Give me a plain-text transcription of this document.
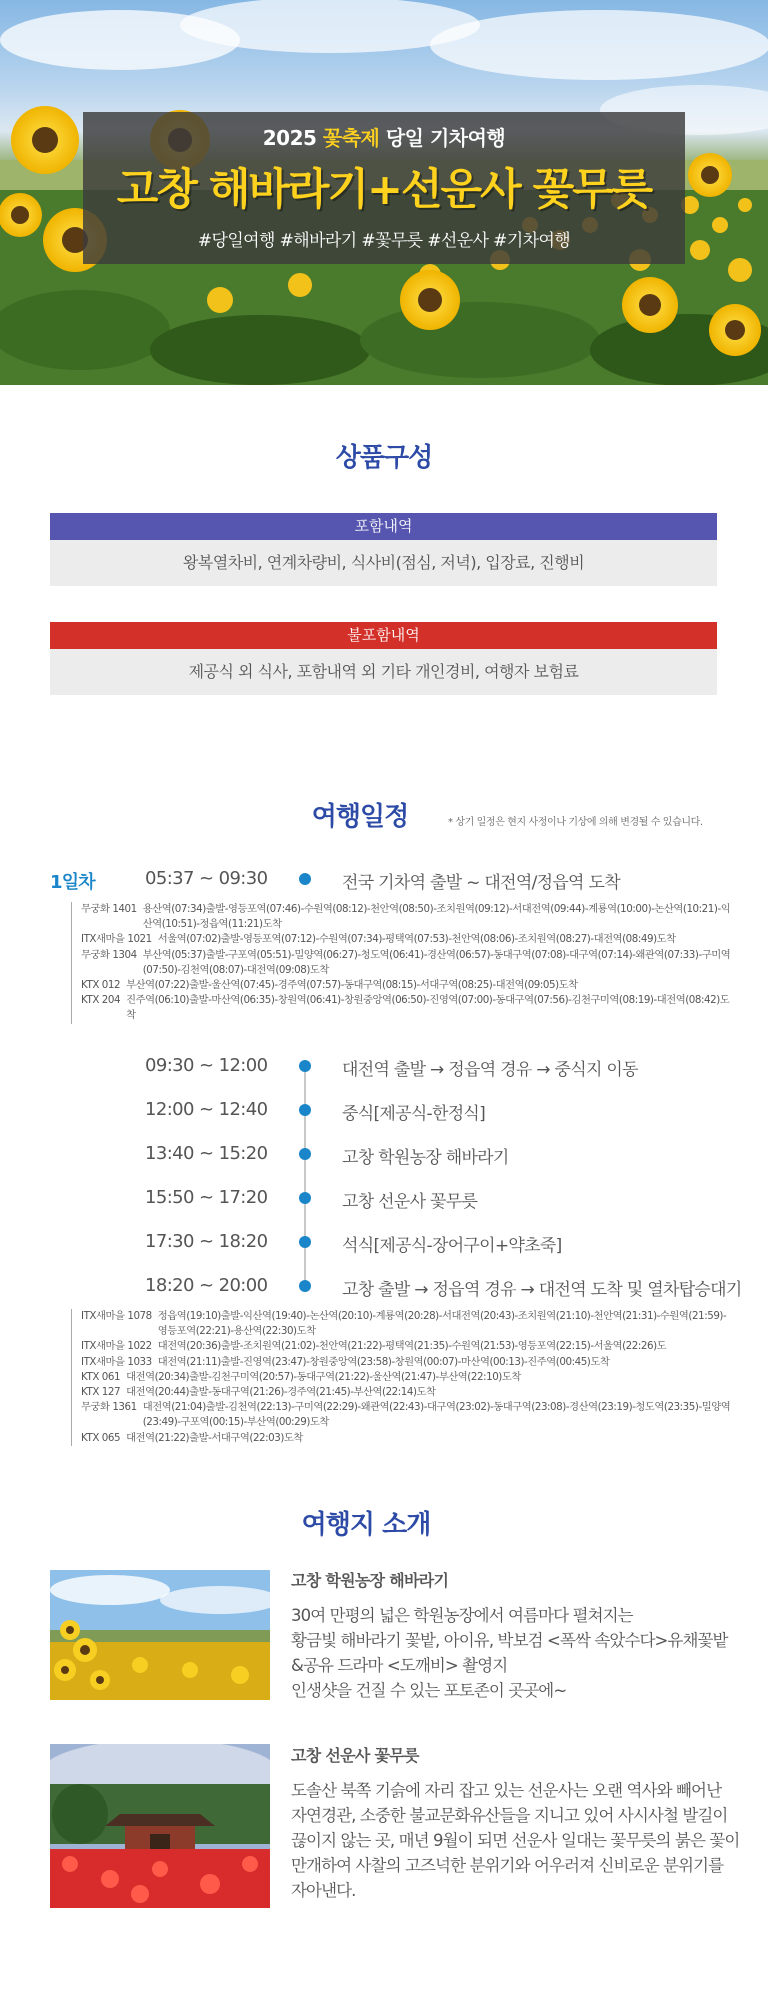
2025 꽃축제 당일 기차여행
고창 해바라기+선운사 꽃무릇
#당일여행 #해바라기 #꽃무릇 #선운사 #기차여행
상품구성
포함내역
왕복열차비, 연계차량비, 식사비(점심, 저녁), 입장료, 진행비
불포함내역
제공식 외 식사, 포함내역 외 기타 개인경비, 여행자 보험료
여행일정	* 상기 일정은 현지 사정이나 기상에 의해 변경될 수 있습니다.
1일차	05:37 ~ 09:30	전국 기차역 출발 ~ 대전역/정읍역 도착
무궁화 1401 용산역(07:34)출발-영등포역(07:46)-수원역(08:12)-천안역(08:50)-조치원역(09:12)-서대전역(09:44)-계룡역(10:00)-논산역(10:21)-익산역(10:51)-정읍역(11:21)도착
ITX새마을 1021 서울역(07:02)출발-영등포역(07:12)-수원역(07:34)-평택역(07:53)-천안역(08:06)-조치원역(08:27)-대전역(08:49)도착
무궁화 1304 부산역(05:37)출발-구포역(05:51)-밀양역(06:27)-청도역(06:41)-경산역(06:57)-동대구역(07:08)-대구역(07:14)-왜관역(07:33)-구미역(07:50)-김천역(08:07)-대전역(09:08)도착
KTX 012 부산역(07:22)출발-울산역(07:45)-경주역(07:57)-동대구역(08:15)-서대구역(08:25)-대전역(09:05)도착
KTX 204 진주역(06:10)출발-마산역(06:35)-창원역(06:41)-창원중앙역(06:50)-진영역(07:00)-동대구역(07:56)-김천구미역(08:19)-대전역(08:42)도착
09:30 ~ 12:00	대전역 출발 → 정읍역 경유 → 중식지 이동
12:00 ~ 12:40	중식[제공식-한정식]
13:40 ~ 15:20	고창 학원농장 해바라기
15:50 ~ 17:20	고창 선운사 꽃무릇
17:30 ~ 18:20	석식[제공식-장어구이+약초죽]
18:20 ~ 20:00	고창 출발 → 정읍역 경유 → 대전역 도착 및 열차탑승대기
ITX새마을 1078 정읍역(19:10)출발-익산역(19:40)-논산역(20:10)-계룡역(20:28)-서대전역(20:43)-조치원역(21:10)-천안역(21:31)-수원역(21:59)-영등포역(22:21)-용산역(22:30)도착
ITX새마을 1022 대전역(20:36)출발-조치원역(21:02)-천안역(21:22)-평택역(21:35)-수원역(21:53)-영등포역(22:15)-서울역(22:26)도
ITX새마을 1033 대전역(21:11)출발-진영역(23:47)-창원중앙역(23:58)-창원역(00:07)-마산역(00:13)-진주역(00:45)도착
KTX 061 대전역(20:34)출발-김천구미역(20:57)-동대구역(21:22)-울산역(21:47)-부산역(22:10)도착
KTX 127 대전역(20:44)출발-동대구역(21:26)-경주역(21:45)-부산역(22:14)도착
무궁화 1361 대전역(21:04)출발-김천역(22:13)-구미역(22:29)-왜관역(22:43)-대구역(23:02)-동대구역(23:08)-경산역(23:19)-청도역(23:35)-밀양역(23:49)-구포역(00:15)-부산역(00:29)도착
KTX 065 대전역(21:22)출발-서대구역(22:03)도착
여행지 소개
고창 학원농장 해바라기
30여 만평의 넓은 학원농장에서 여름마다 펼쳐지는
황금빛 해바라기 꽃밭, 아이유, 박보검 <폭싹 속았수다>유채꽃밭
&공유 드라마 <도깨비> 촬영지
인생샷을 건질 수 있는 포토존이 곳곳에~
고창 선운사 꽃무릇
도솔산 북쪽 기슭에 자리 잡고 있는 선운사는 오랜 역사와 빼어난
자연경관, 소중한 불교문화유산들을 지니고 있어 사시사철 발길이
끊이지 않는 곳, 매년 9월이 되면 선운사 일대는 꽃무릇의 붉은 꽃이
만개하여 사찰의 고즈넉한 분위기와 어우러져 신비로운 분위기를
자아낸다.
